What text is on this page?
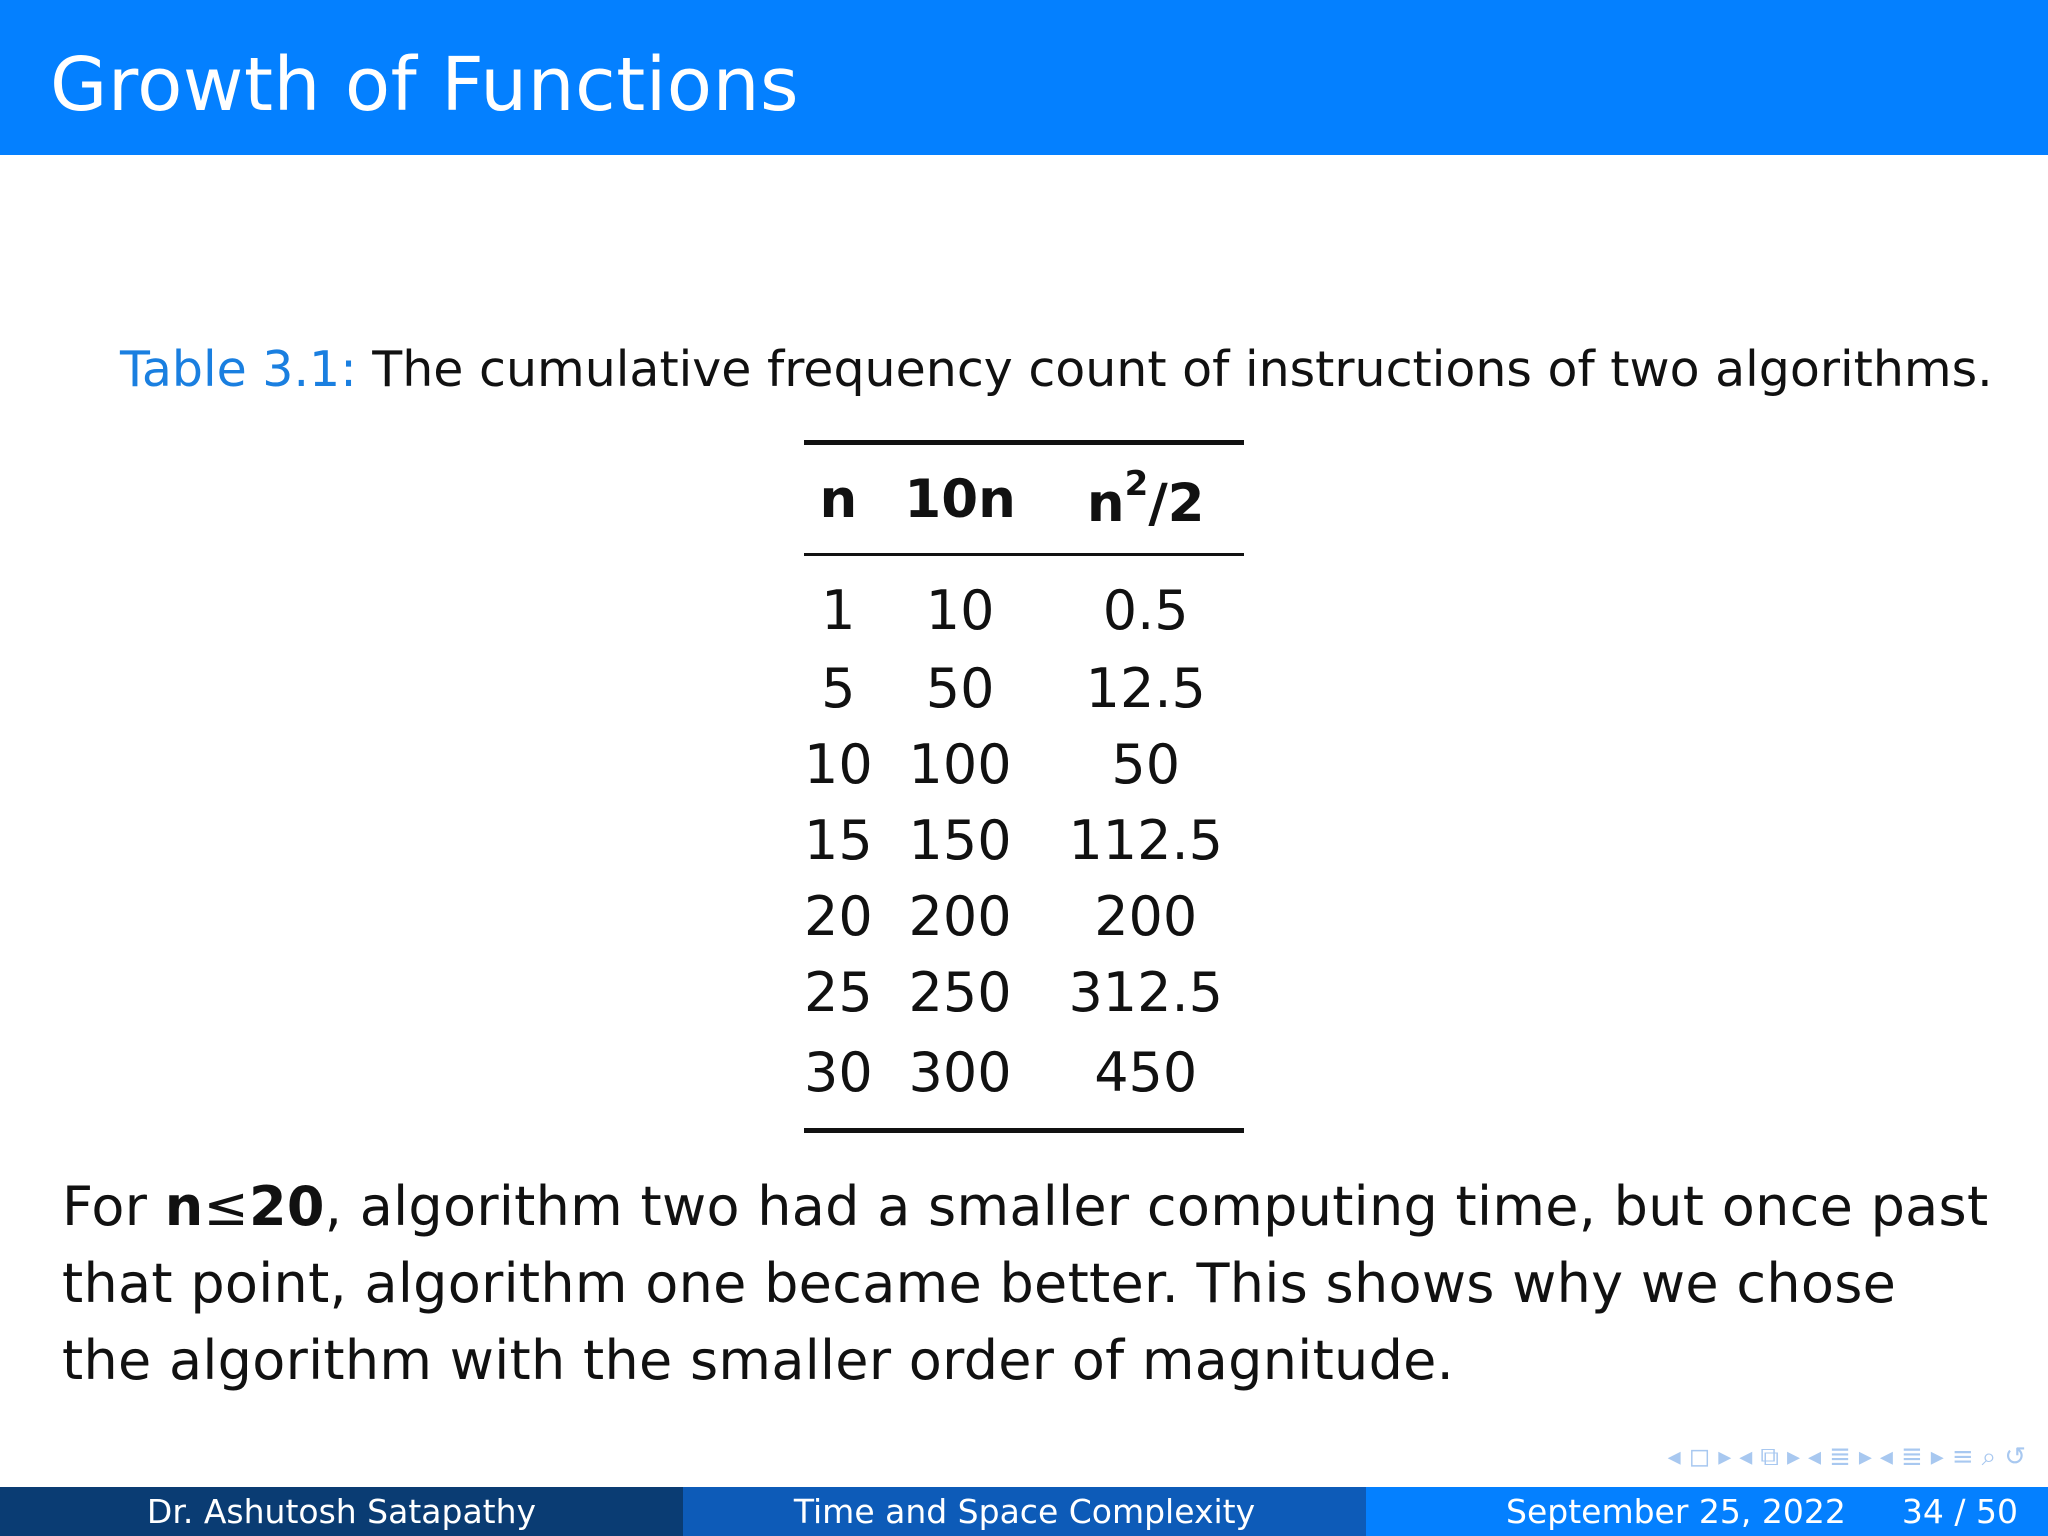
Growth of Functions
Table 3.1: The cumulative frequency count of instructions of two algorithms.
n	10n	$n^2/2$
1	10	0.5
5	50	12.5
10	100	50
15	150	112.5
20	200	200
25	250	312.5
30	300	450
For n≤20, algorithm two had a smaller computing time, but once past that point, algorithm one became better. This shows why we chose the algorithm with the smaller order of magnitude.
◂ ◻ ▸ ◂ ⧉ ▸ ◂ ≣ ▸ ◂ ≣ ▸ ≡ ⌕ ↺
Dr. Ashutosh Satapathy	Time and Space Complexity	September 25, 2022 34 / 50
